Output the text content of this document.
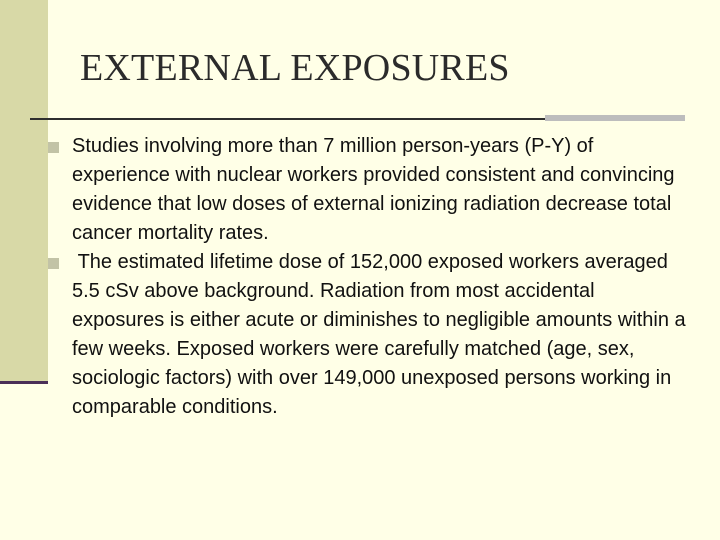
EXTERNAL EXPOSURES
Studies involving more than 7 million person-years (P-Y) of experience with nuclear workers provided consistent and convincing evidence that low doses of external ionizing radiation decrease total cancer mortality rates.
The estimated lifetime dose of 152,000 exposed workers averaged 5.5 cSv above background. Radiation from most accidental exposures is either acute or diminishes to negligible amounts within a few weeks. Exposed workers were carefully matched (age, sex, sociologic factors) with over 149,000 unexposed persons working in comparable conditions.
